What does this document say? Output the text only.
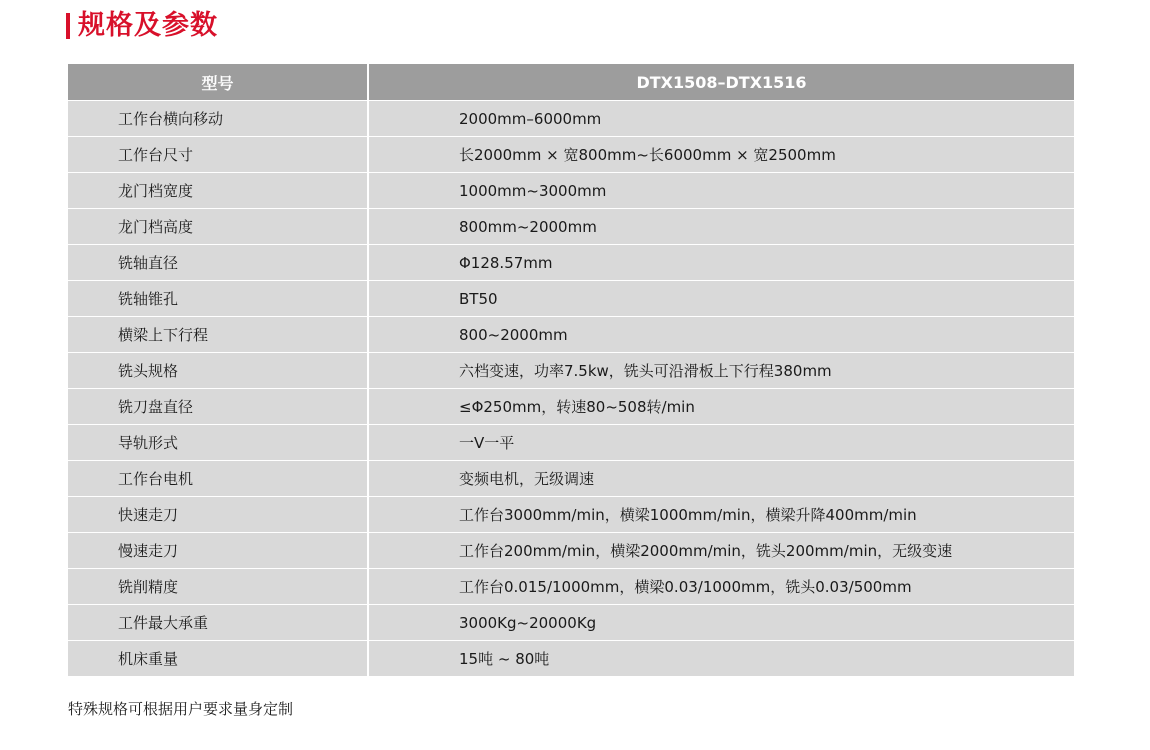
规格及参数
型号	DTX1508–DTX1516
工作台横向移动	2000mm–6000mm
工作台尺寸	长2000mm × 宽800mm~长6000mm × 宽2500mm
龙门档宽度	1000mm~3000mm
龙门档高度	800mm~2000mm
铣轴直径	Φ128.57mm
铣轴锥孔	BT50
横梁上下行程	800~2000mm
铣头规格	六档变速，功率7.5kw，铣头可沿滑板上下行程380mm
铣刀盘直径	≤Φ250mm，转速80~508转/min
导轨形式	一V一平
工作台电机	变频电机，无级调速
快速走刀	工作台3000mm/min，横梁1000mm/min，横梁升降400mm/min
慢速走刀	工作台200mm/min，横梁2000mm/min，铣头200mm/min，无级变速
铣削精度	工作台0.015/1000mm，横梁0.03/1000mm，铣头0.03/500mm
工件最大承重	3000Kg~20000Kg
机床重量	15吨 ~ 80吨
特殊规格可根据用户要求量身定制
